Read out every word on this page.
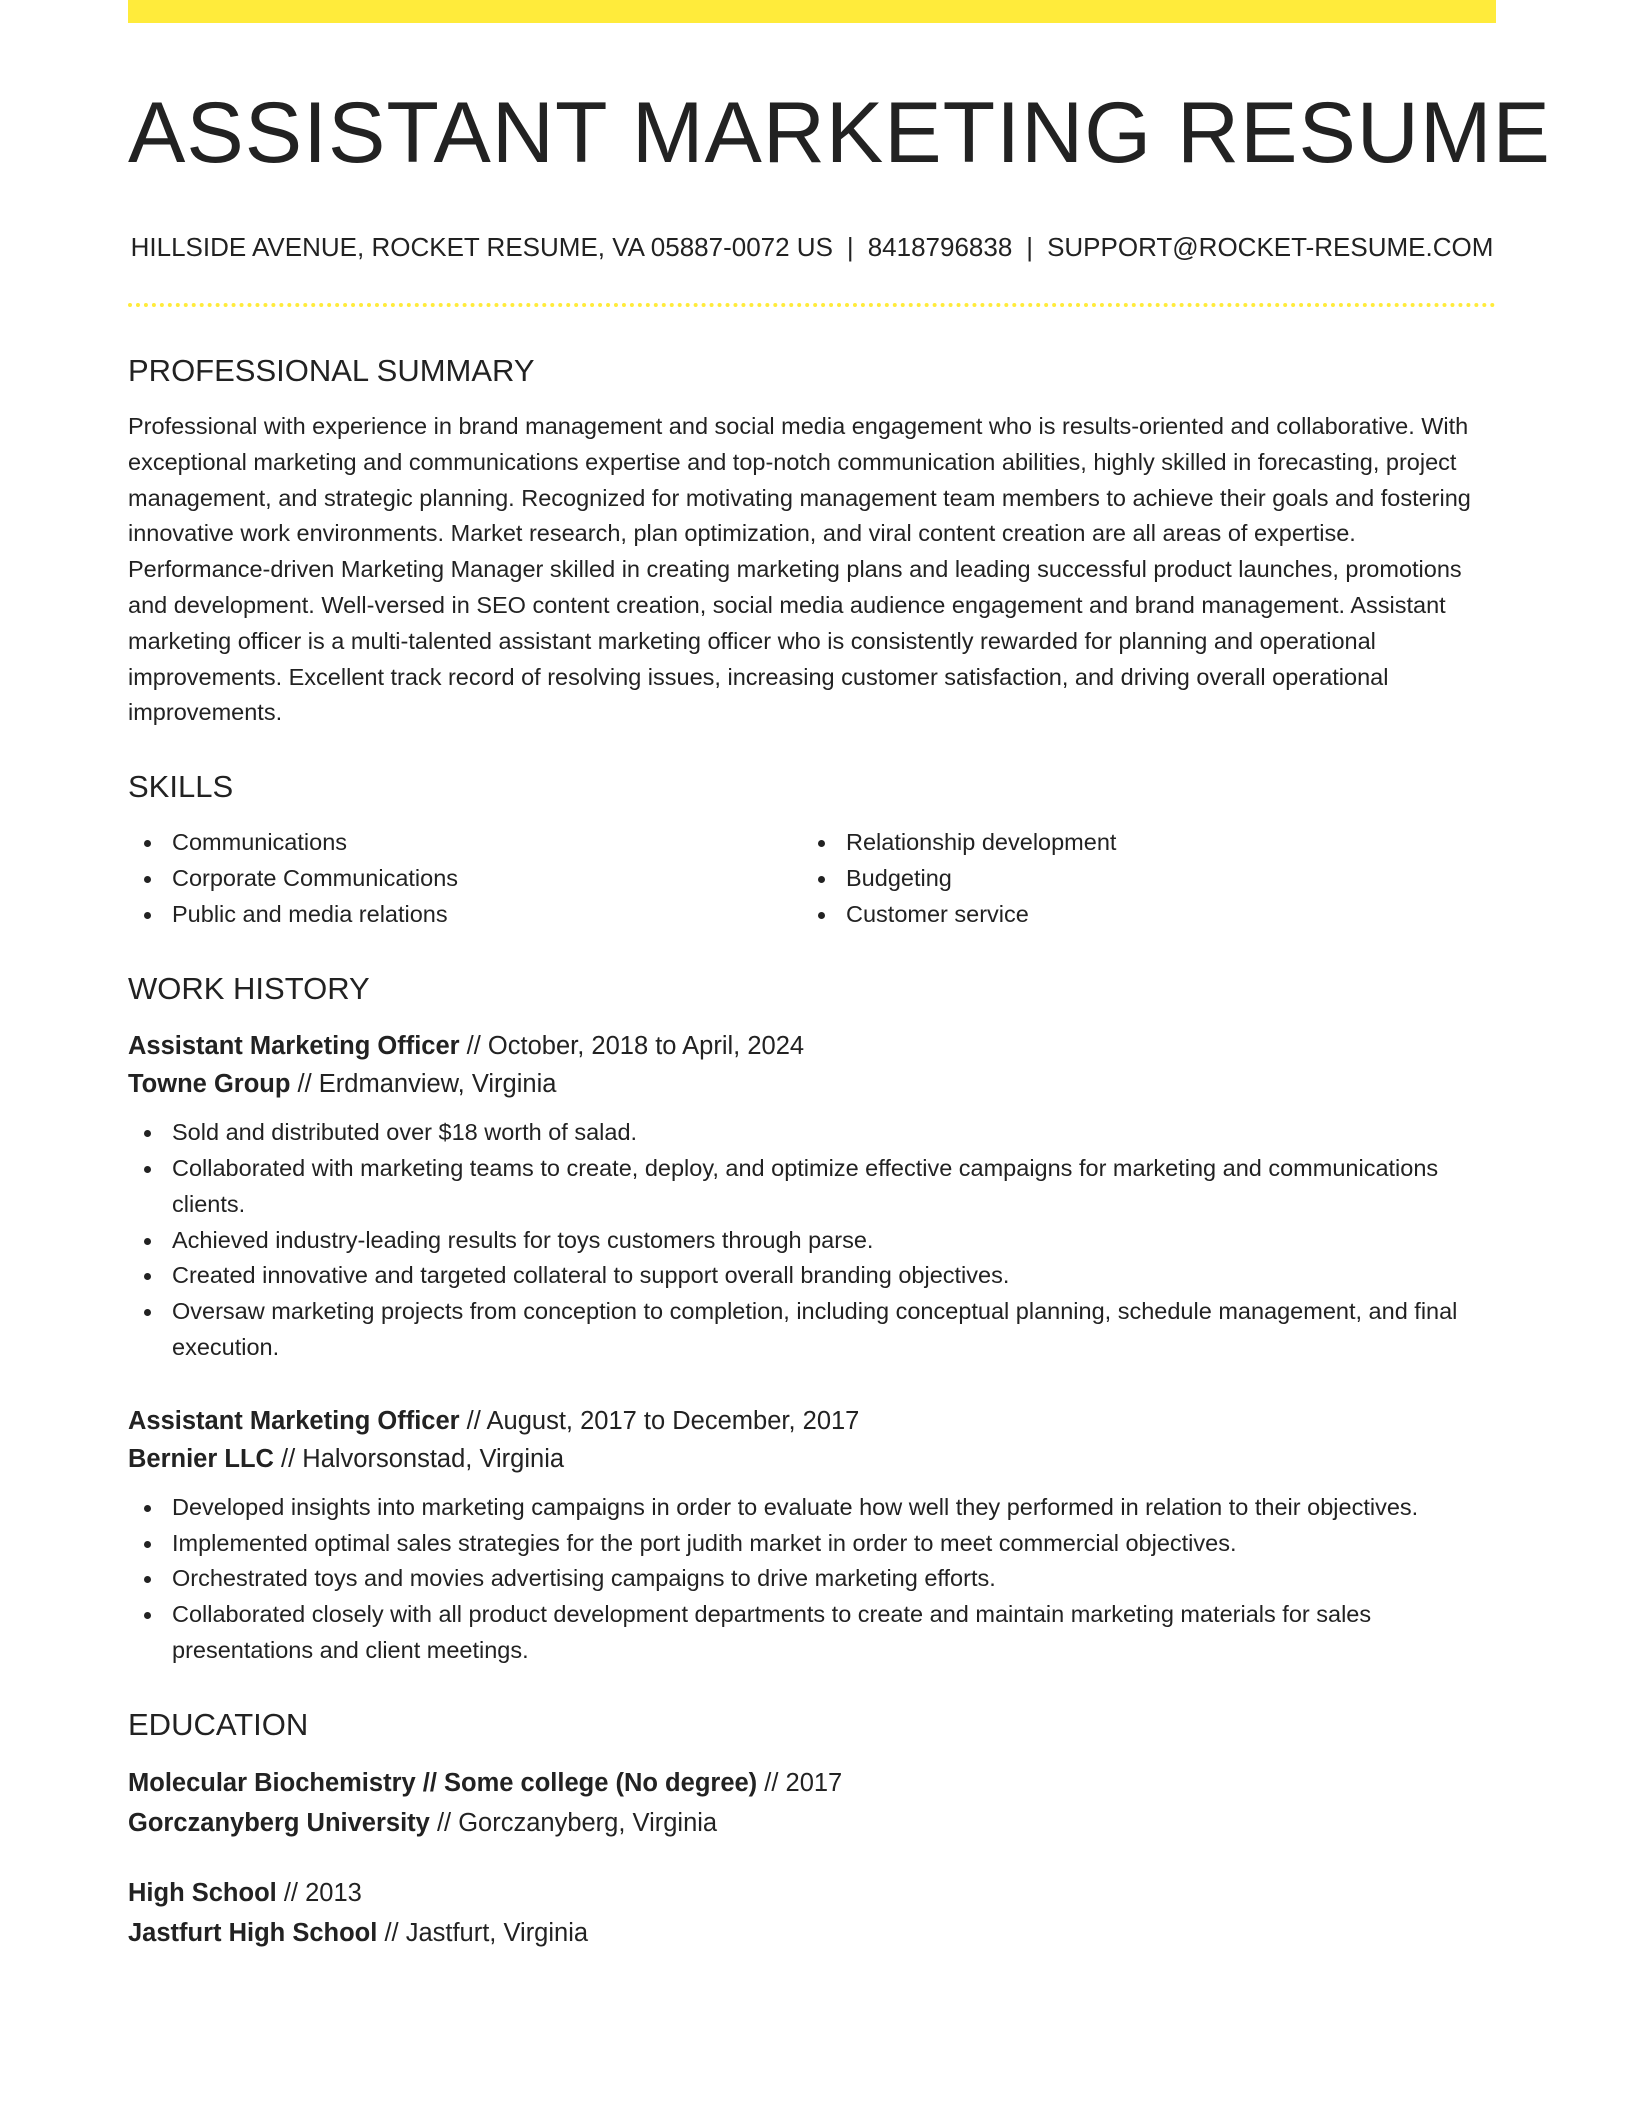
ASSISTANT MARKETING RESUME
HILLSIDE AVENUE, ROCKET RESUME, VA 05887-0072 US | 8418796838 | SUPPORT@ROCKET-RESUME.COM
PROFESSIONAL SUMMARY
Professional with experience in brand management and social media engagement who is results-oriented and collaborative. With exceptional marketing and communications expertise and top-notch communication abilities, highly skilled in forecasting, project management, and strategic planning. Recognized for motivating management team members to achieve their goals and fostering innovative work environments. Market research, plan optimization, and viral content creation are all areas of expertise. Performance-driven Marketing Manager skilled in creating marketing plans and leading successful product launches, promotions and development. Well-versed in SEO content creation, social media audience engagement and brand management. Assistant marketing officer is a multi-talented assistant marketing officer who is consistently rewarded for planning and operational improvements. Excellent track record of resolving issues, increasing customer satisfaction, and driving overall operational improvements.
SKILLS
Communications
Corporate Communications
Public and media relations
Relationship development
Budgeting
Customer service
WORK HISTORY
Assistant Marketing Officer // October, 2018 to April, 2024
Towne Group // Erdmanview, Virginia
Sold and distributed over $18 worth of salad.
Collaborated with marketing teams to create, deploy, and optimize effective campaigns for marketing and communications clients.
Achieved industry-leading results for toys customers through parse.
Created innovative and targeted collateral to support overall branding objectives.
Oversaw marketing projects from conception to completion, including conceptual planning, schedule management, and final execution.
Assistant Marketing Officer // August, 2017 to December, 2017
Bernier LLC // Halvorsonstad, Virginia
Developed insights into marketing campaigns in order to evaluate how well they performed in relation to their objectives.
Implemented optimal sales strategies for the port judith market in order to meet commercial objectives.
Orchestrated toys and movies advertising campaigns to drive marketing efforts.
Collaborated closely with all product development departments to create and maintain marketing materials for sales presentations and client meetings.
EDUCATION
Molecular Biochemistry // Some college (No degree) // 2017
Gorczanyberg University // Gorczanyberg, Virginia
High School // 2013
Jastfurt High School // Jastfurt, Virginia
